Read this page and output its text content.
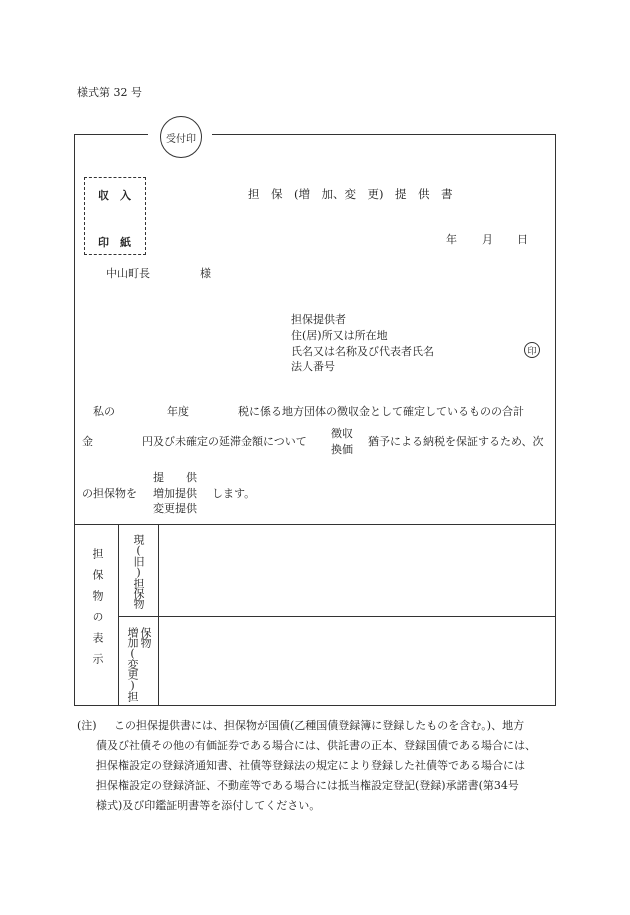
様式第 32 号
受付印
収　入
印　紙
担　保　(増　加、変　更)　提　供　書
年 月 日
中山町長	様
担保提供者
住(居)所又は所在地
氏名又は名称及び代表者氏名	印
法人番号
私の	年度	税に係る地方団体の徴収金として確定しているものの合計
金	円及び未確定の延滞金額について
徴収
換価
猶予による納税を保証するため、次
の担保物を
提　　供
増加提供
変更提供
します。
担保物の表示	現(旧)担保物
増加(変更)担 保物
(注) この担保提供書には、担保物が国債(乙種国債登録簿に登録したものを含む。)、地方
債及び社債その他の有価証券である場合には、供託書の正本、登録国債である場合には、
担保権設定の登録済通知書、社債等登録法の規定により登録した社債等である場合には
担保権設定の登録済証、不動産等である場合には抵当権設定登記(登録)承諾書(第34号
様式)及び印鑑証明書等を添付してください。
